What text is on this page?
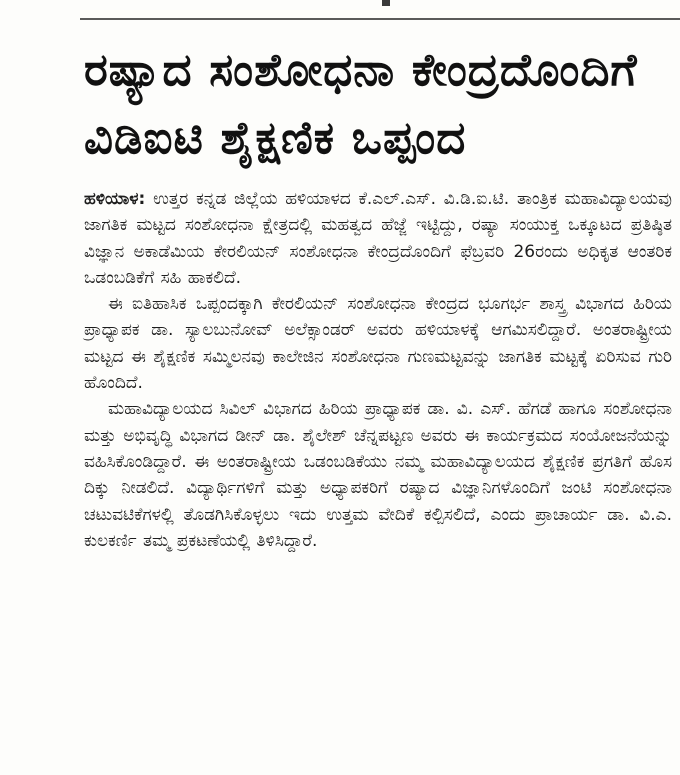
ರಷ್ಯಾದ ಸಂಶೋಧನಾ ಕೇಂದ್ರದೊಂದಿಗೆ
ವಿಡಿಐಟಿ ಶೈಕ್ಷಣಿಕ ಒಪ್ಪಂದ

ಹಳಿಯಾಳ: ಉತ್ತರ ಕನ್ನಡ ಜಿಲ್ಲೆಯ ಹಳಿಯಾಳದ ಕೆ.ಎಲ್.ಎಸ್. ವಿ.ಡಿ.ಐ.ಟಿ. ತಾಂತ್ರಿಕ ಮಹಾವಿದ್ಯಾಲಯವು ಜಾಗತಿಕ ಮಟ್ಟದ ಸಂಶೋಧನಾ ಕ್ಷೇತ್ರದಲ್ಲಿ ಮಹತ್ವದ ಹೆಜ್ಜೆ ಇಟ್ಟಿದ್ದು, ರಷ್ಯಾ ಸಂಯುಕ್ತ ಒಕ್ಕೂಟದ ಪ್ರತಿಷ್ಠಿತ ವಿಜ್ಞಾನ ಅಕಾಡೆಮಿಯ ಕೇರಲಿಯನ್ ಸಂಶೋಧನಾ ಕೇಂದ್ರದೊಂದಿಗೆ ಫೆಬ್ರವರಿ 26ರಂದು ಅಧಿಕೃತ ಆಂತರಿಕ ಒಡಂಬಡಿಕೆಗೆ ಸಹಿ ಹಾಕಲಿದೆ.

ಈ ಐತಿಹಾಸಿಕ ಒಪ್ಪಂದಕ್ಕಾಗಿ ಕೇರಲಿಯನ್ ಸಂಶೋಧನಾ ಕೇಂದ್ರದ ಭೂಗರ್ಭ ಶಾಸ್ತ್ರ ವಿಭಾಗದ ಹಿರಿಯ ಪ್ರಾಧ್ಯಾಪಕ ಡಾ. ಸ್ಯಾಲಬುನೋವ್ ಅಲೆಕ್ಸಾಂಡರ್ ಅವರು ಹಳಿಯಾಳಕ್ಕೆ ಆಗಮಿಸಲಿದ್ದಾರೆ. ಅಂತರಾಷ್ಟ್ರೀಯ ಮಟ್ಟದ ಈ ಶೈಕ್ಷಣಿಕ ಸಮ್ಮಿಲನವು ಕಾಲೇಜಿನ ಸಂಶೋಧನಾ ಗುಣಮಟ್ಟವನ್ನು ಜಾಗತಿಕ ಮಟ್ಟಕ್ಕೆ ಏರಿಸುವ ಗುರಿ ಹೊಂದಿದೆ.

ಮಹಾವಿದ್ಯಾಲಯದ ಸಿವಿಲ್ ವಿಭಾಗದ ಹಿರಿಯ ಪ್ರಾಧ್ಯಾಪಕ ಡಾ. ವಿ. ಎಸ್. ಹೆಗಡೆ ಹಾಗೂ ಸಂಶೋಧನಾ ಮತ್ತು ಅಭಿವೃದ್ಧಿ ವಿಭಾಗದ ಡೀನ್ ಡಾ. ಶೈಲೇಶ್ ಚೆನ್ನಪಟ್ಟಣ ಅವರು ಈ ಕಾರ್ಯಕ್ರಮದ ಸಂಯೋಜನೆಯನ್ನು ವಹಿಸಿಕೊಂಡಿದ್ದಾರೆ. ಈ ಅಂತರಾಷ್ಟ್ರೀಯ ಒಡಂಬಡಿಕೆಯು ನಮ್ಮ ಮಹಾವಿದ್ಯಾಲಯದ ಶೈಕ್ಷಣಿಕ ಪ್ರಗತಿಗೆ ಹೊಸ ದಿಕ್ಕು ನೀಡಲಿದೆ. ವಿದ್ಯಾರ್ಥಿಗಳಿಗೆ ಮತ್ತು ಅಧ್ಯಾಪಕರಿಗೆ ರಷ್ಯಾದ ವಿಜ್ಞಾನಿಗಳೊಂದಿಗೆ ಜಂಟಿ ಸಂಶೋಧನಾ ಚಟುವಟಿಕೆಗಳಲ್ಲಿ ತೊಡಗಿಸಿಕೊಳ್ಳಲು ಇದು ಉತ್ತಮ ವೇದಿಕೆ ಕಲ್ಪಿಸಲಿದೆ, ಎಂದು ಪ್ರಾಚಾರ್ಯ ಡಾ. ವಿ.ಎ. ಕುಲಕರ್ಣಿ ತಮ್ಮ ಪ್ರಕಟಣೆಯಲ್ಲಿ ತಿಳಿಸಿದ್ದಾರೆ.
